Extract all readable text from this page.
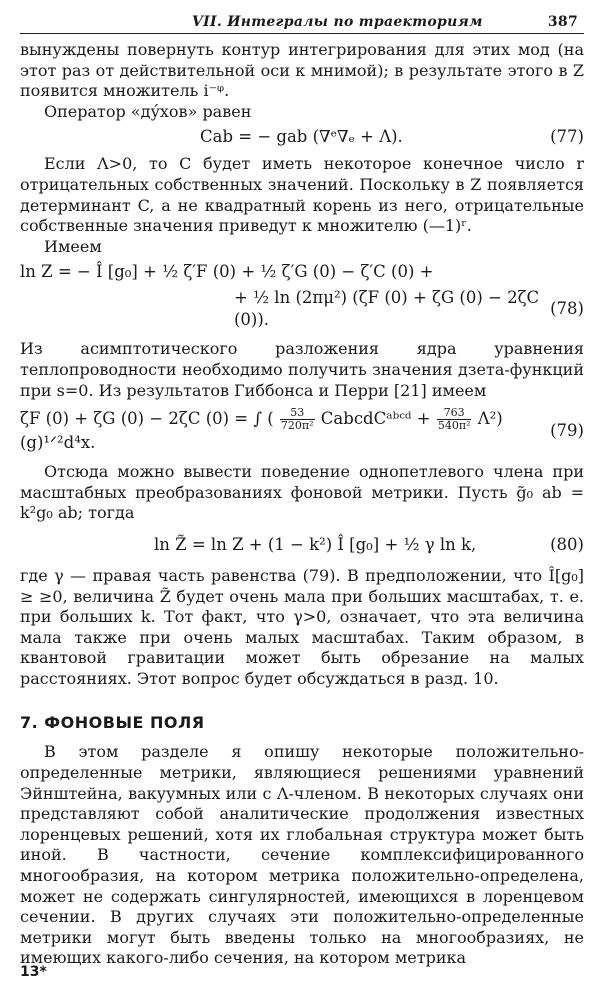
VII. Интегралы по траекториям	387

вынуждены повернуть контур интегрирования для этих мод (на этот раз от действительной оси к мнимой); в результате этого в Z появится множитель i⁻ᵠ.

Оператор «ду́хов» равен

Cab = − gab (∇ᵉ∇ₑ + Λ).	(77)

Если Λ>0, то C будет иметь некоторое конечное число r отрицательных собственных значений. Поскольку в Z появляется детерминант C, а не квадратный корень из него, отрицательные собственные значения приведут к множителю (—1)ʳ.

Имеем

ln Z = − Î [g₀] + ½ ζ′F (0) + ½ ζ′G (0) − ζ′C (0) +
+ ½ ln (2πμ²) (ζF (0) + ζG (0) − 2ζC (0)).
(78)

Из асимптотического разложения ядра уравнения теплопроводности необходимо получить значения дзета-функций при s=0. Из результатов Гиббонса и Перри [21] имеем

ζF (0) + ζG (0) − 2ζC (0) = ∫ ( $\frac{53}{\text{720π²}}$ CabcdCᵃᵇᶜᵈ + $\frac{763}{\text{540π²}} \Lambda^2$) (g)¹ᐟ²d⁴x.
(79)

Отсюда можно вывести поведение однопетлевого члена при масштабных преобразованиях фоновой метрики. Пусть g̃₀ ab = k²g₀ ab; тогда

ln Z̃ = ln Z + (1 − k²) Î [g₀] + ½ γ ln k,	(80)

где γ — правая часть равенства (79). В предположении, что Î[g₀] ≥ ≥0, величина Z̃ будет очень мала при больших масштабах, т. е. при больших k. Тот факт, что γ>0, означает, что эта величина мала также при очень малых масштабах. Таким образом, в квантовой гравитации может быть обрезание на малых расстояниях. Этот вопрос будет обсуждаться в разд. 10.

7. ФОНОВЫЕ ПОЛЯ

В этом разделе я опишу некоторые положительно-определенные метрики, являющиеся решениями уравнений Эйнштейна, вакуумных или с Λ-членом. В некоторых случаях они представляют собой аналитические продолжения известных лоренцевых решений, хотя их глобальная структура может быть иной. В частности, сечение комплексифицированного многообразия, на котором метрика положительно-определена, может не содержать сингулярностей, имеющихся в лоренцевом сечении. В других случаях эти положительно-определенные метрики могут быть введены только на многообразиях, не имеющих какого-либо сечения, на котором метрика

13*
